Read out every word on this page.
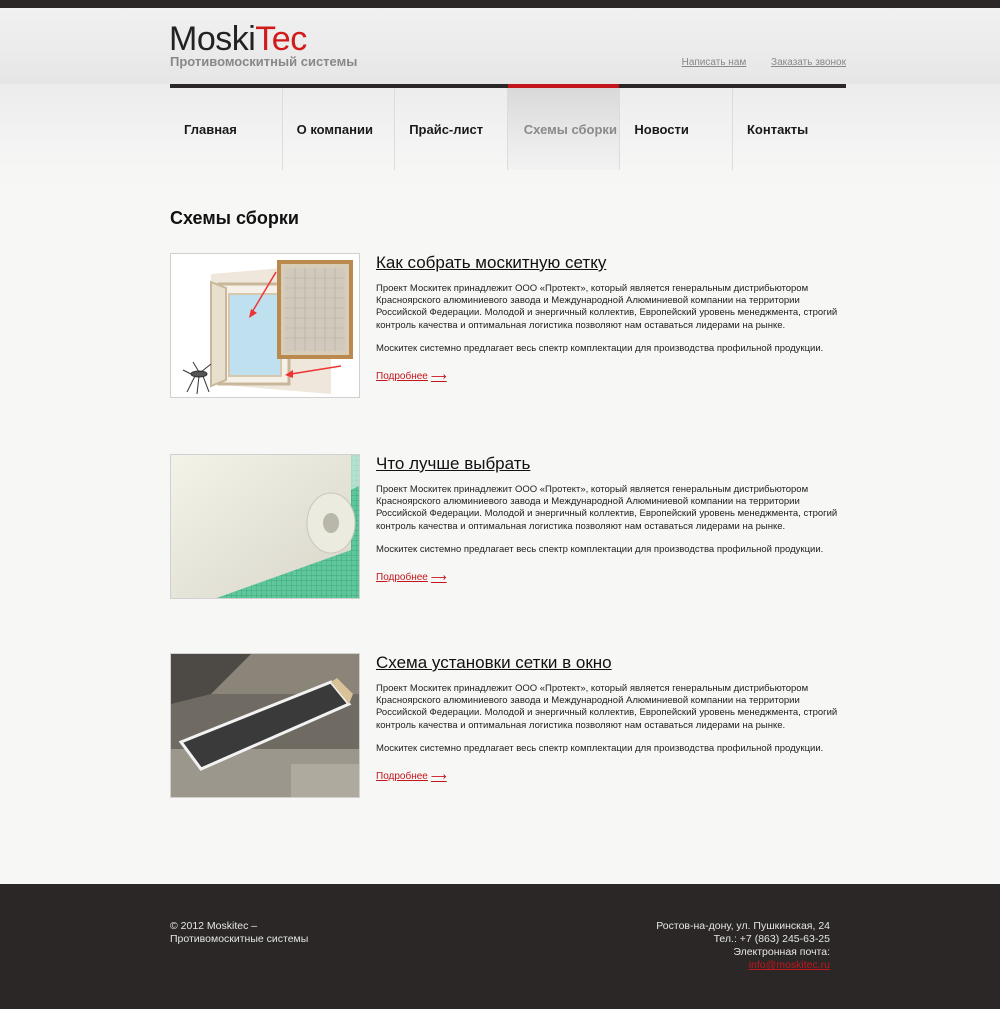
MoskiTec
Противомоскитный системы	Написать нам Заказать звонок
Главная	О компании	Прайс-лист	Схемы сборки	Новости	Контакты
Схемы сборки
Как собрать москитную сетку

Проект Москитек принадлежит ООО «Протект», который является генеральным дистрибьютором Красноярского алюминиевого завода и Международной Алюминиевой компании на территории Российской Федерации. Молодой и энергичный коллектив, Европейский уровень менеджмента, строгий контроль качества и оптимальная логистика позволяют нам оставаться лидерами на рынке.

Москитек системно предлагает весь спектр комплектации для производства профильной продукции.

Подробнее ⟶
Что лучше выбрать

Проект Москитек принадлежит ООО «Протект», который является генеральным дистрибьютором Красноярского алюминиевого завода и Международной Алюминиевой компании на территории Российской Федерации. Молодой и энергичный коллектив, Европейский уровень менеджмента, строгий контроль качества и оптимальная логистика позволяют нам оставаться лидерами на рынке.

Москитек системно предлагает весь спектр комплектации для производства профильной продукции.

Подробнее ⟶
Схема установки сетки в окно

Проект Москитек принадлежит ООО «Протект», который является генеральным дистрибьютором Красноярского алюминиевого завода и Международной Алюминиевой компании на территории Российской Федерации. Молодой и энергичный коллектив, Европейский уровень менеджмента, строгий контроль качества и оптимальная логистика позволяют нам оставаться лидерами на рынке.

Москитек системно предлагает весь спектр комплектации для производства профильной продукции.

Подробнее ⟶
© 2012 Moskitec –
Противомоскитные системы
Ростов-на-дону, ул. Пушкинская, 24
Тел.: +7 (863) 245-63-25
Электронная почта:
info@moskitec.ru
